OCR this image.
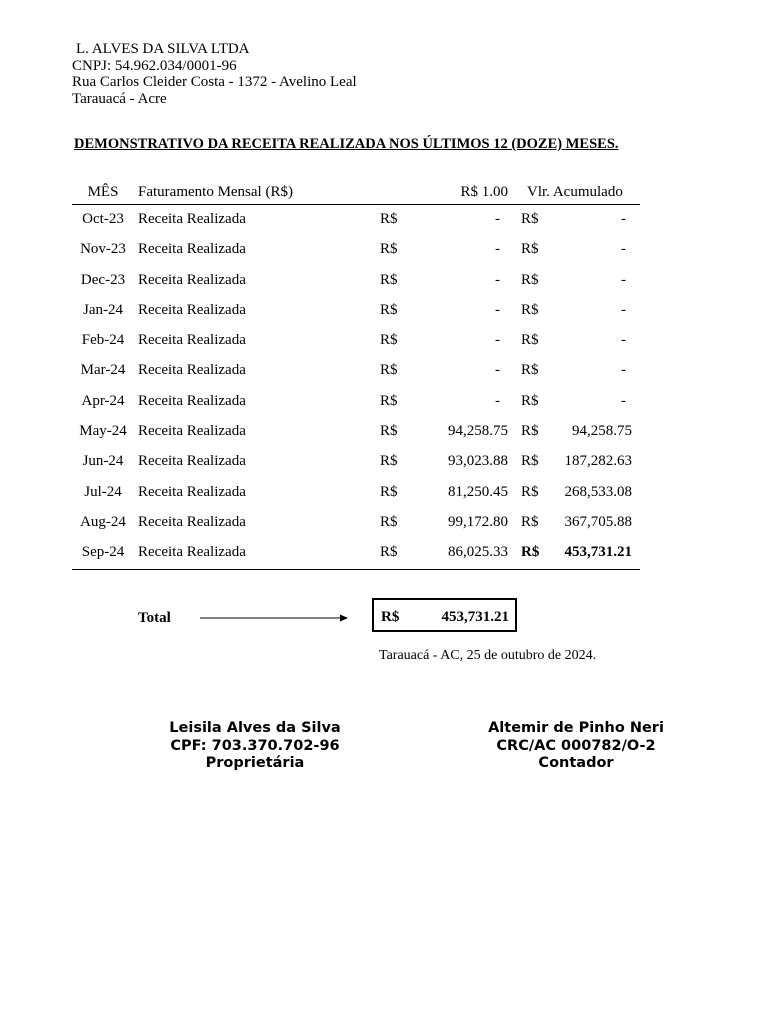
L. ALVES DA SILVA LTDA
CNPJ: 54.962.034/0001-96
Rua Carlos Cleider Costa - 1372 - Avelino Leal
Tarauacá - Acre
DEMONSTRATIVO DA RECEITA REALIZADA NOS ÚLTIMOS 12 (DOZE) MESES.
MÊS	Faturamento Mensal (R$)	R$ 1.00 Vlr. Acumulado
Oct-23 Receita Realizada	R$	- R$	-
Nov-23 Receita Realizada	R$	- R$	-
Dec-23 Receita Realizada	R$	- R$	-
Jan-24	Receita Realizada	R$	- R$	-
Feb-24 Receita Realizada	R$	- R$	-
Mar-24 Receita Realizada	R$	- R$	-
Apr-24 Receita Realizada	R$	- R$	-
May-24 Receita Realizada	R$	94,258.75 R$ 94,258.75
Jun-24 Receita Realizada	R$	93,023.88 R$ 187,282.63
Jul-24	Receita Realizada	R$	81,250.45 R$ 268,533.08
Aug-24 Receita Realizada	R$	99,172.80 R$ 367,705.88
Sep-24 Receita Realizada	R$	86,025.33 R$ 453,731.21
Total	R$	453,731.21
Tarauacá - AC, 25 de outubro de 2024.
Leisila Alves da Silva
CPF: 703.370.702-96
Proprietária
Altemir de Pinho Neri
CRC/AC 000782/O-2
Contador
